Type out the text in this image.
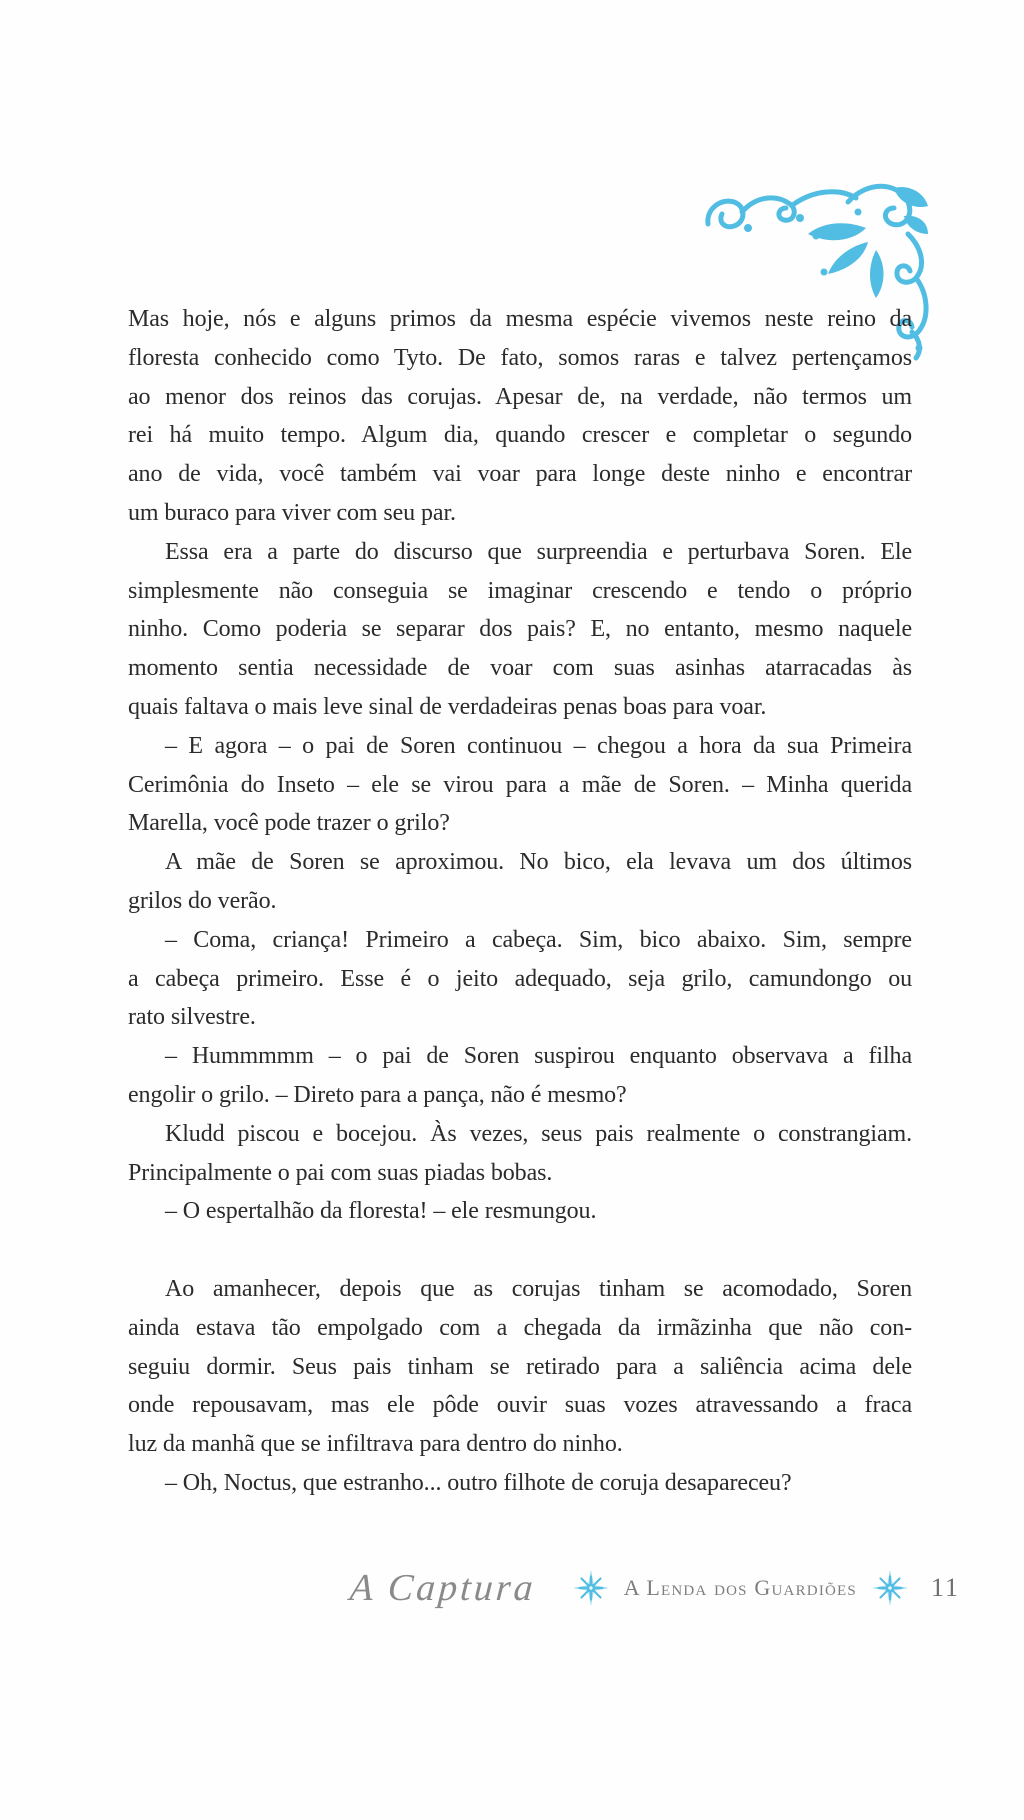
Mas hoje, nós e alguns primos da mesma espécie vivemos neste reino da
floresta conhecido como Tyto. De fato, somos raras e talvez pertençamos
ao menor dos reinos das corujas. Apesar de, na verdade, não termos um
rei há muito tempo. Algum dia, quando crescer e completar o segundo
ano de vida, você também vai voar para longe deste ninho e encontrar
um buraco para viver com seu par.
Essa era a parte do discurso que surpreendia e perturbava Soren. Ele
simplesmente não conseguia se imaginar crescendo e tendo o próprio
ninho. Como poderia se separar dos pais? E, no entanto, mesmo naquele
momento sentia necessidade de voar com suas asinhas atarracadas às
quais faltava o mais leve sinal de verdadeiras penas boas para voar.
– E agora – o pai de Soren continuou – chegou a hora da sua Primeira
Cerimônia do Inseto – ele se virou para a mãe de Soren. – Minha querida
Marella, você pode trazer o grilo?
A mãe de Soren se aproximou. No bico, ela levava um dos últimos
grilos do verão.
– Coma, criança! Primeiro a cabeça. Sim, bico abaixo. Sim, sempre
a cabeça primeiro. Esse é o jeito adequado, seja grilo, camundongo ou
rato silvestre.
– Hummmmm – o pai de Soren suspirou enquanto observava a filha
engolir o grilo. – Direto para a pança, não é mesmo?
Kludd piscou e bocejou. Às vezes, seus pais realmente o constrangiam.
Principalmente o pai com suas piadas bobas.
– O espertalhão da floresta! – ele resmungou.
Ao amanhecer, depois que as corujas tinham se acomodado, Soren
ainda estava tão empolgado com a chegada da irmãzinha que não con-
seguiu dormir. Seus pais tinham se retirado para a saliência acima dele
onde repousavam, mas ele pôde ouvir suas vozes atravessando a fraca
luz da manhã que se infiltrava para dentro do ninho.
– Oh, Noctus, que estranho... outro filhote de coruja desapareceu?
A Captura	A Lenda dos Guardiões	11
